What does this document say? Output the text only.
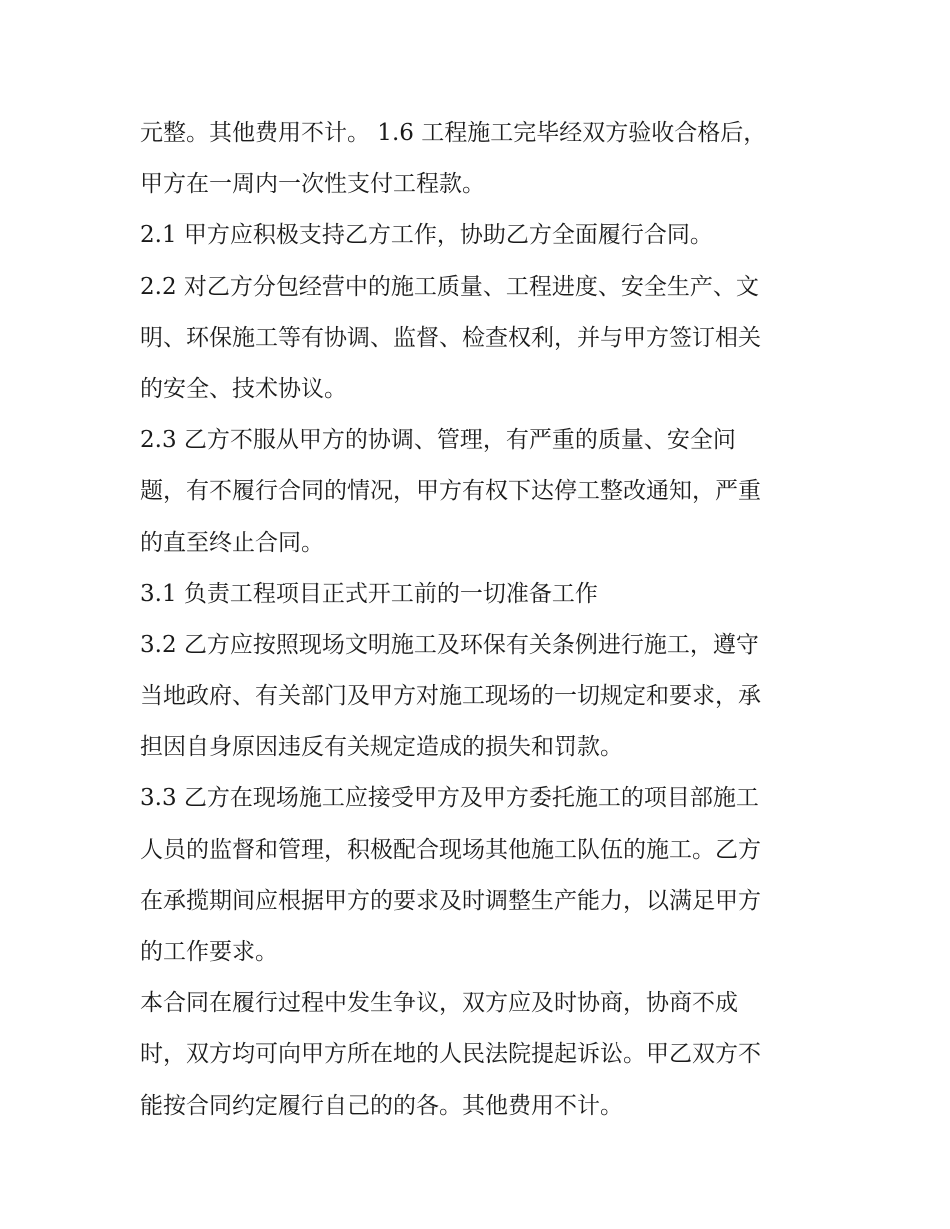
元整。其他费用不计。 1.6 工程施工完毕经双方验收合格后，
甲方在一周内一次性支付工程款。
2.1 甲方应积极支持乙方工作，协助乙方全面履行合同。
2.2 对乙方分包经营中的施工质量、工程进度、安全生产、文
明、环保施工等有协调、监督、检查权利，并与甲方签订相关
的安全、技术协议。
2.3 乙方不服从甲方的协调、管理，有严重的质量、安全问
题，有不履行合同的情况，甲方有权下达停工整改通知，严重
的直至终止合同。
3.1 负责工程项目正式开工前的一切准备工作
3.2 乙方应按照现场文明施工及环保有关条例进行施工，遵守
当地政府、有关部门及甲方对施工现场的一切规定和要求，承
担因自身原因违反有关规定造成的损失和罚款。
3.3 乙方在现场施工应接受甲方及甲方委托施工的项目部施工
人员的监督和管理，积极配合现场其他施工队伍的施工。乙方
在承揽期间应根据甲方的要求及时调整生产能力，以满足甲方
的工作要求。
本合同在履行过程中发生争议，双方应及时协商，协商不成
时，双方均可向甲方所在地的人民法院提起诉讼。甲乙双方不
能按合同约定履行自己的的各。其他费用不计。
